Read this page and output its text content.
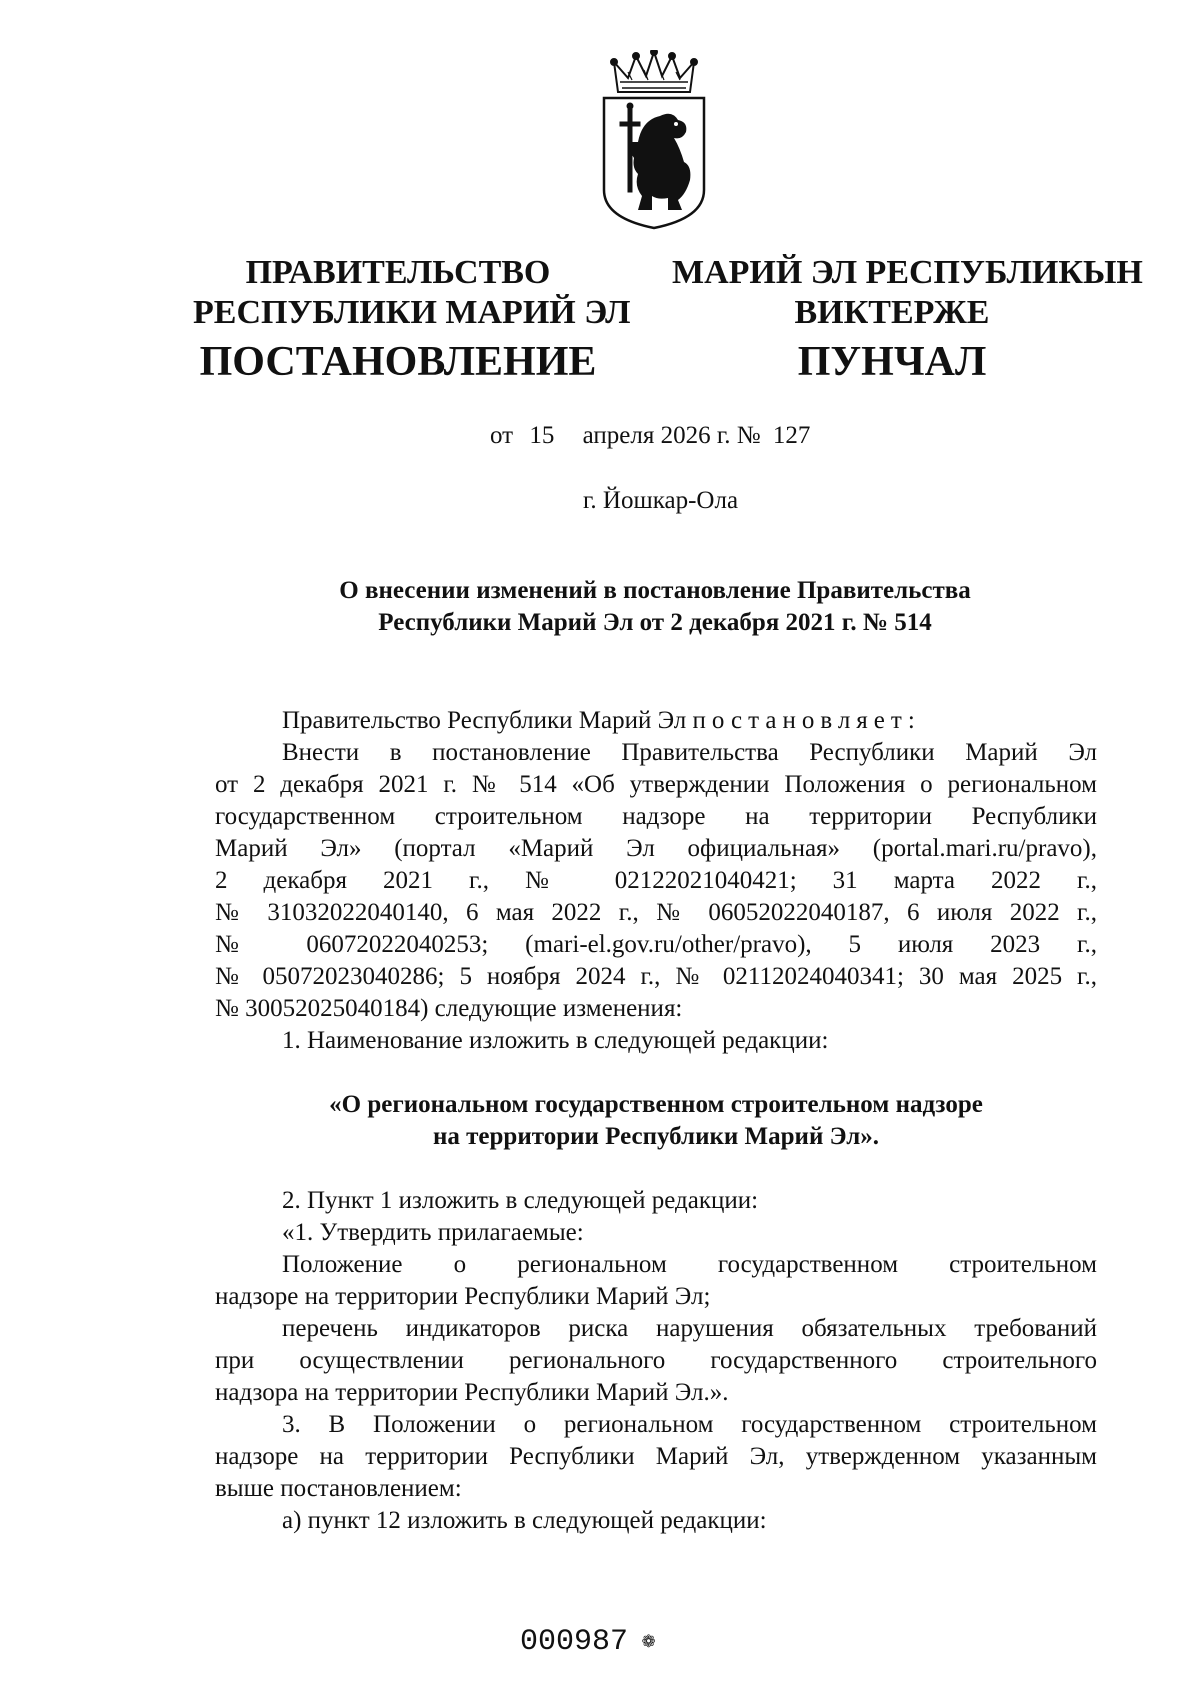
ПРАВИТЕЛЬСТВО
РЕСПУБЛИКИ МАРИЙ ЭЛ
ПОСТАНОВЛЕНИЕ
МАРИЙ ЭЛ РЕСПУБЛИКЫН
ВИКТЕРЖЕ
ПУНЧАЛ
от 15 апреля 2026 г. № 127
г. Йошкар-Ола
О внесении изменений в постановление Правительства
Республики Марий Эл от 2 декабря 2021 г. № 514

Правительство Республики Марий Эл постановляет:

Внести в постановление Правительства Республики Марий Эл

от 2 декабря 2021 г. № 514 «Об утверждении Положения о региональном

государственном строительном надзоре на территории Республики

Марий Эл» (портал «Марий Эл официальная» (portal.mari.ru/pravo),

2 декабря 2021 г., № 02122021040421; 31 марта 2022 г.,

№ 31032022040140, 6 мая 2022 г., № 06052022040187, 6 июля 2022 г.,

№ 06072022040253; (mari-el.gov.ru/other/pravo), 5 июля 2023 г.,

№ 05072023040286; 5 ноября 2024 г., № 02112024040341; 30 мая 2025 г.,

№ 30052025040184) следующие изменения:

1. Наименование изложить в следующей редакции:

«О региональном государственном строительном надзоре

на территории Республики Марий Эл».

2. Пункт 1 изложить в следующей редакции:

«1. Утвердить прилагаемые:

Положение о региональном государственном строительном

надзоре на территории Республики Марий Эл;

перечень индикаторов риска нарушения обязательных требований

при осуществлении регионального государственного строительного

надзора на территории Республики Марий Эл.».

3. В Положении о региональном государственном строительном

надзоре на территории Республики Марий Эл, утвержденном указанным

выше постановлением:

а) пункт 12 изложить в следующей редакции:

000987 ❁
